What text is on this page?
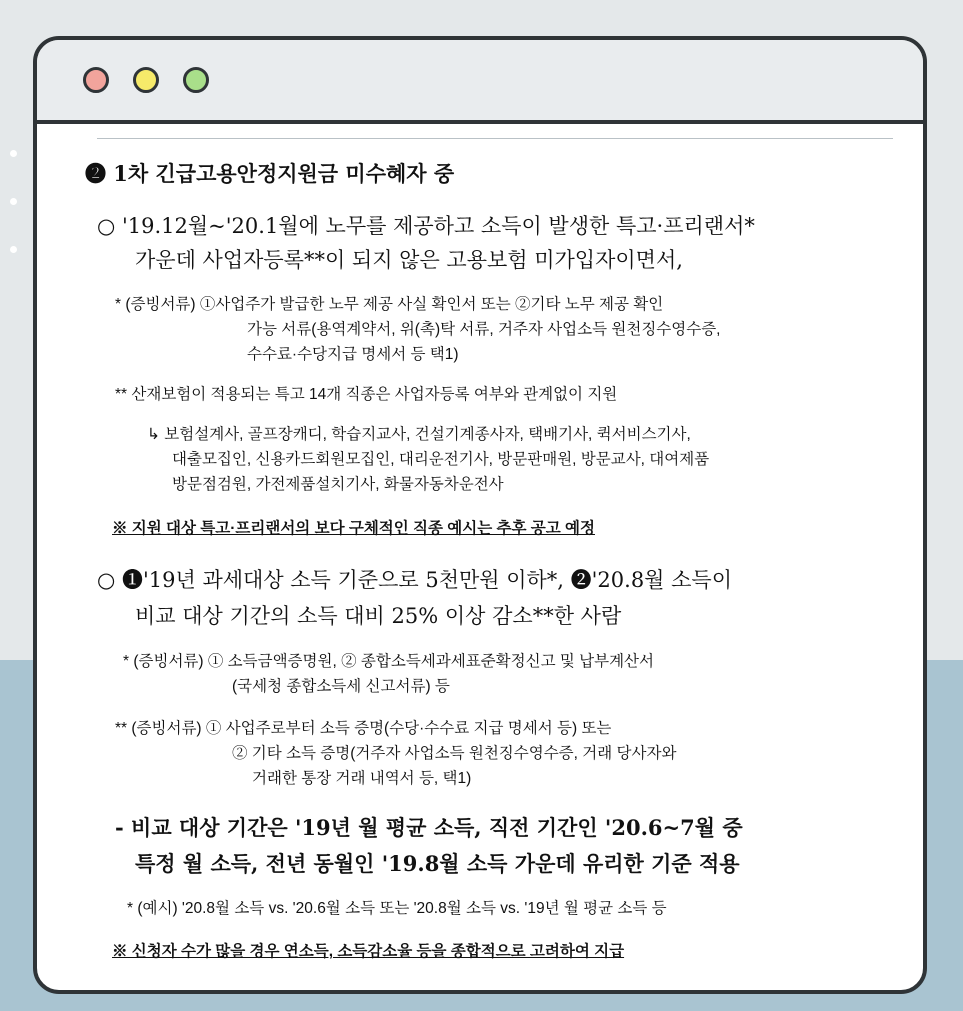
❷ 1차 긴급고용안정지원금 미수혜자 중
○ '19.12월~'20.1월에 노무를 제공하고 소득이 발생한 특고·프리랜서*
가운데 사업자등록**이 되지 않은 고용보험 미가입자이면서,
* (증빙서류) ①사업주가 발급한 노무 제공 사실 확인서 또는 ②기타 노무 제공 확인
가능 서류(용역계약서, 위(촉)탁 서류, 거주자 사업소득 원천징수영수증,
수수료·수당지급 명세서 등 택1)
** 산재보험이 적용되는 특고 14개 직종은 사업자등록 여부와 관계없이 지원
↳ 보험설계사, 골프장캐디, 학습지교사, 건설기계종사자, 택배기사, 퀵서비스기사,
대출모집인, 신용카드회원모집인, 대리운전기사, 방문판매원, 방문교사, 대여제품
방문점검원, 가전제품설치기사, 화물자동차운전사
※ 지원 대상 특고·프리랜서의 보다 구체적인 직종 예시는 추후 공고 예정
○ ❶'19년 과세대상 소득 기준으로 5천만원 이하*, ❷'20.8월 소득이
비교 대상 기간의 소득 대비 25% 이상 감소**한 사람
* (증빙서류) ① 소득금액증명원, ② 종합소득세과세표준확정신고 및 납부계산서
(국세청 종합소득세 신고서류) 등
** (증빙서류) ① 사업주로부터 소득 증명(수당·수수료 지급 명세서 등) 또는
② 기타 소득 증명(거주자 사업소득 원천징수영수증, 거래 당사자와
거래한 통장 거래 내역서 등, 택1)
- 비교 대상 기간은 '19년 월 평균 소득, 직전 기간인 '20.6~7월 중
특정 월 소득, 전년 동월인 '19.8월 소득 가운데 유리한 기준 적용
* (예시) '20.8월 소득 vs. '20.6월 소득 또는 '20.8월 소득 vs. '19년 월 평균 소득 등
※ 신청자 수가 많을 경우 연소득, 소득감소율 등을 종합적으로 고려하여 지급
